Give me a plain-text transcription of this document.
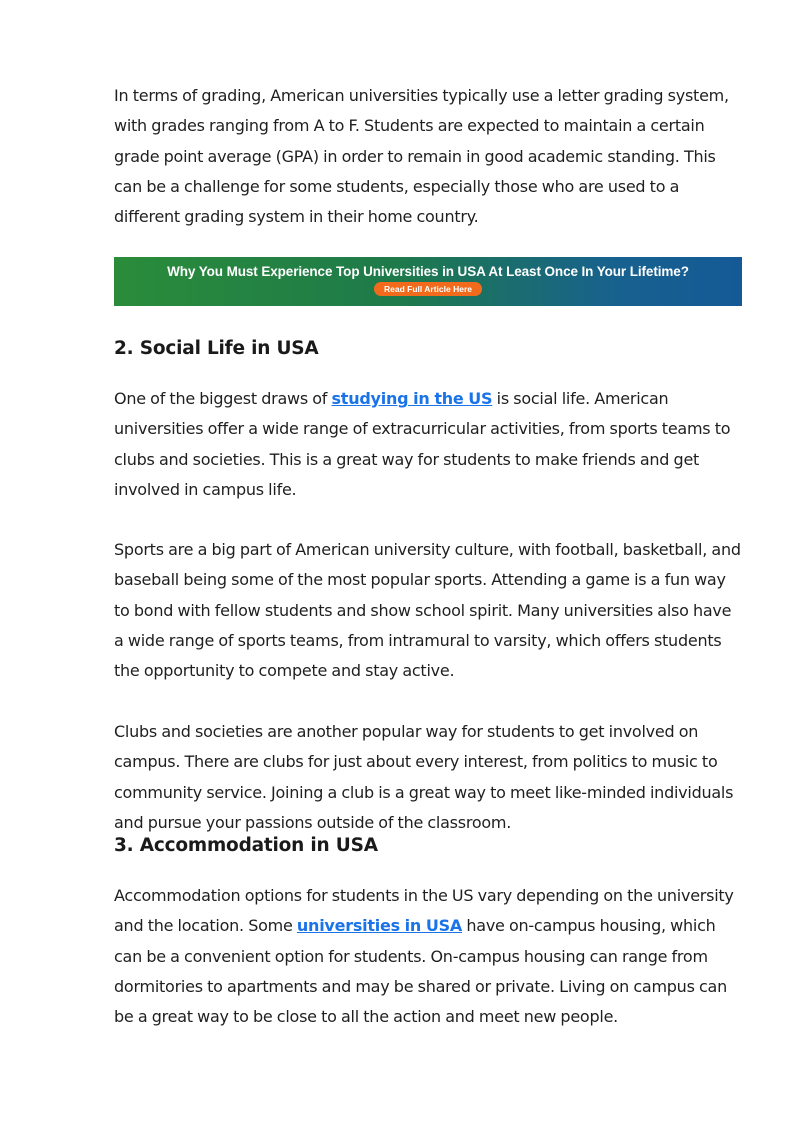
In terms of grading, American universities typically use a letter grading system, with grades ranging from A to F. Students are expected to maintain a certain grade point average (GPA) in order to remain in good academic standing. This can be a challenge for some students, especially those who are used to a different grading system in their home country.

Why You Must Experience Top Universities in USA At Least Once In Your Lifetime?
Read Full Article Here
2. Social Life in USA

One of the biggest draws of studying in the US is social life. American universities offer a wide range of extracurricular activities, from sports teams to clubs and societies. This is a great way for students to make friends and get involved in campus life.

Sports are a big part of American university culture, with football, basketball, and baseball being some of the most popular sports. Attending a game is a fun way to bond with fellow students and show school spirit. Many universities also have a wide range of sports teams, from intramural to varsity, which offers students the opportunity to compete and stay active.

Clubs and societies are another popular way for students to get involved on campus. There are clubs for just about every interest, from politics to music to community service. Joining a club is a great way to meet like-minded individuals and pursue your passions outside of the classroom.

3. Accommodation in USA

Accommodation options for students in the US vary depending on the university and the location. Some universities in USA have on-campus housing, which can be a convenient option for students. On-campus housing can range from dormitories to apartments and may be shared or private. Living on campus can be a great way to be close to all the action and meet new people.
